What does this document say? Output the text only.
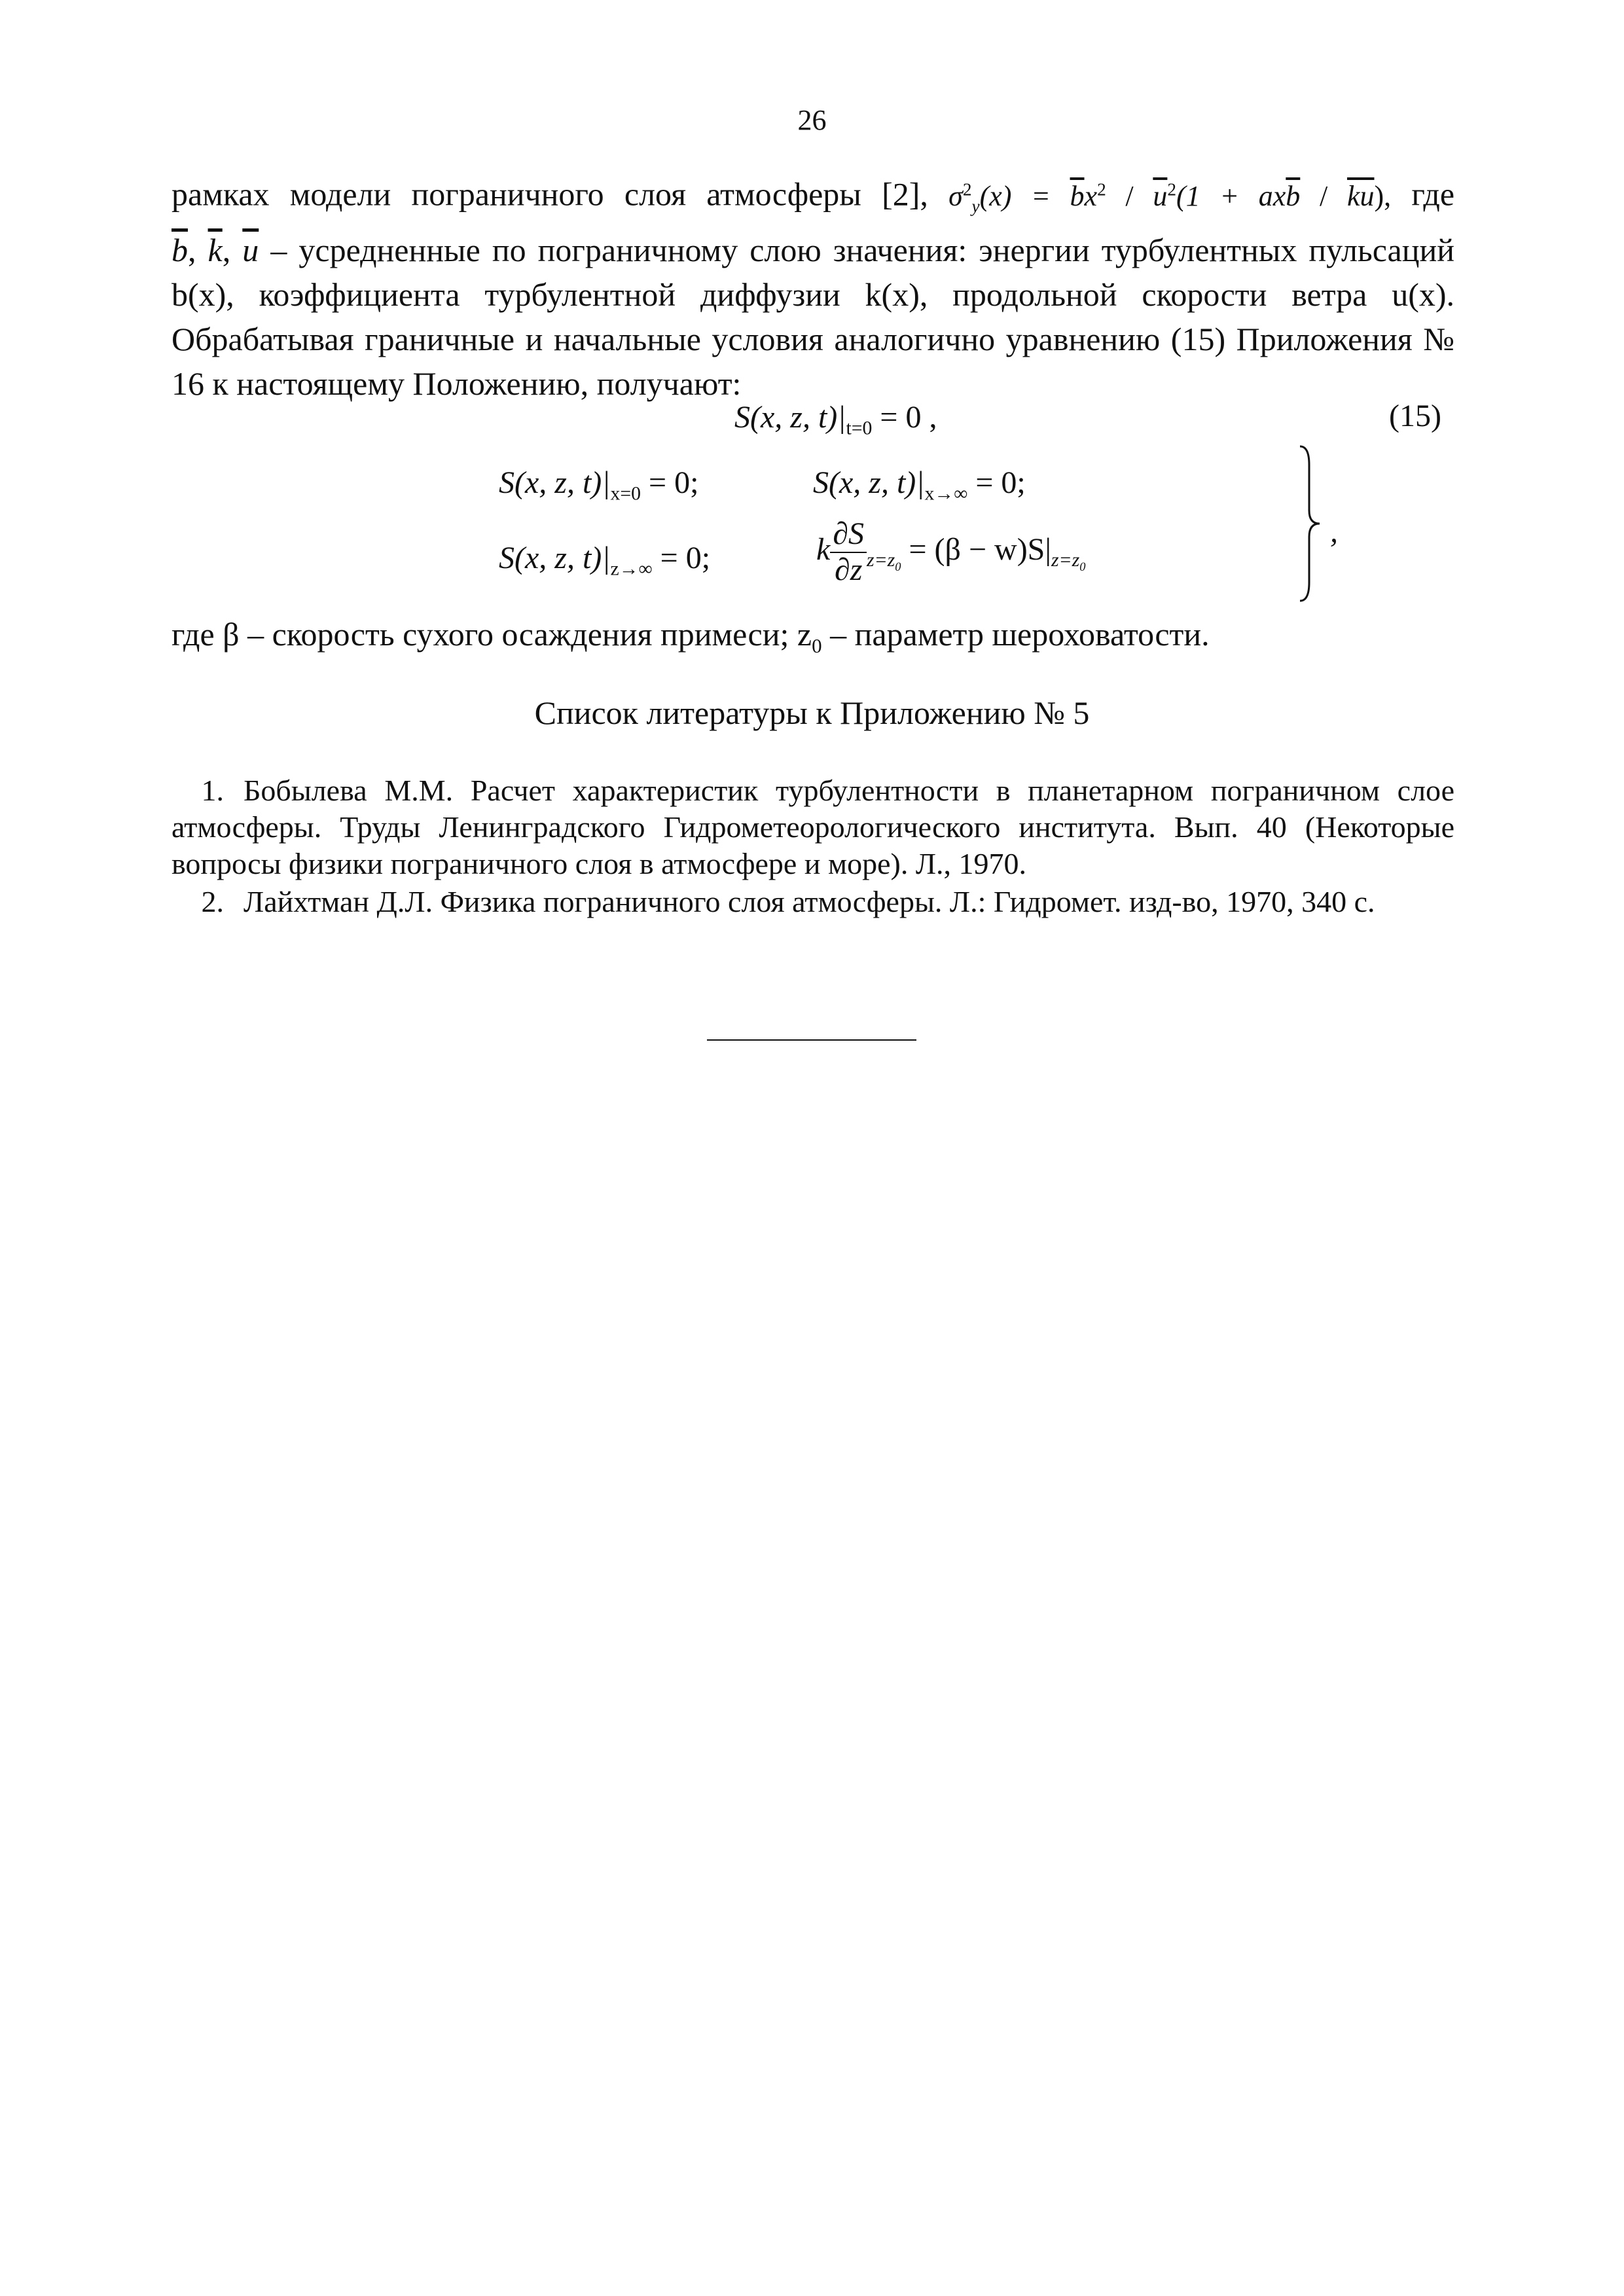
26

рамках модели пограничного слоя атмосферы [2], $\sigma^2_y(x) = \overline{b}x^2 / \overline{u}^2(1 + ax\overline{b} / \overline{k}\overline{u})$, где

$\overline{b}$, $\overline{k}$, $\overline{u}$ – усредненные по пограничному слою значения: энергии турбулентных пульсаций b(x), коэффициента турбулентной диффузии k(x), продольной скорости ветра u(x). Обрабатывая граничные и начальные условия аналогично уравнению (15) Приложения № 16 к настоящему Положению, получают:

S(x, z, $t)|_{t=0} = 0$ ,	(15)
S(x, z, $t)|_{x=0} = 0$;	S(x, z, $t)|_{x\to\infty} = 0$;
S(x, z, $t)|_{z\to\infty} = 0$;	k $\frac{\partial S}{\partial z} _{z=z_0} = (\beta - w)S|_{z=z_0}$
,
где β – скорость сухого осаждения примеси; $z_0$ – параметр шероховатости.
Список литературы к Приложению № 5
1. Бобылева М.М. Расчет характеристик турбулентности в планетарном пограничном слое атмосферы. Труды Ленинградского Гидрометеорологического института. Вып. 40 (Некоторые вопросы физики пограничного слоя в атмосфере и море). Л., 1970.
2. Лайхтман Д.Л. Физика пограничного слоя атмосферы. Л.: Гидромет. изд-во, 1970, 340 с.
